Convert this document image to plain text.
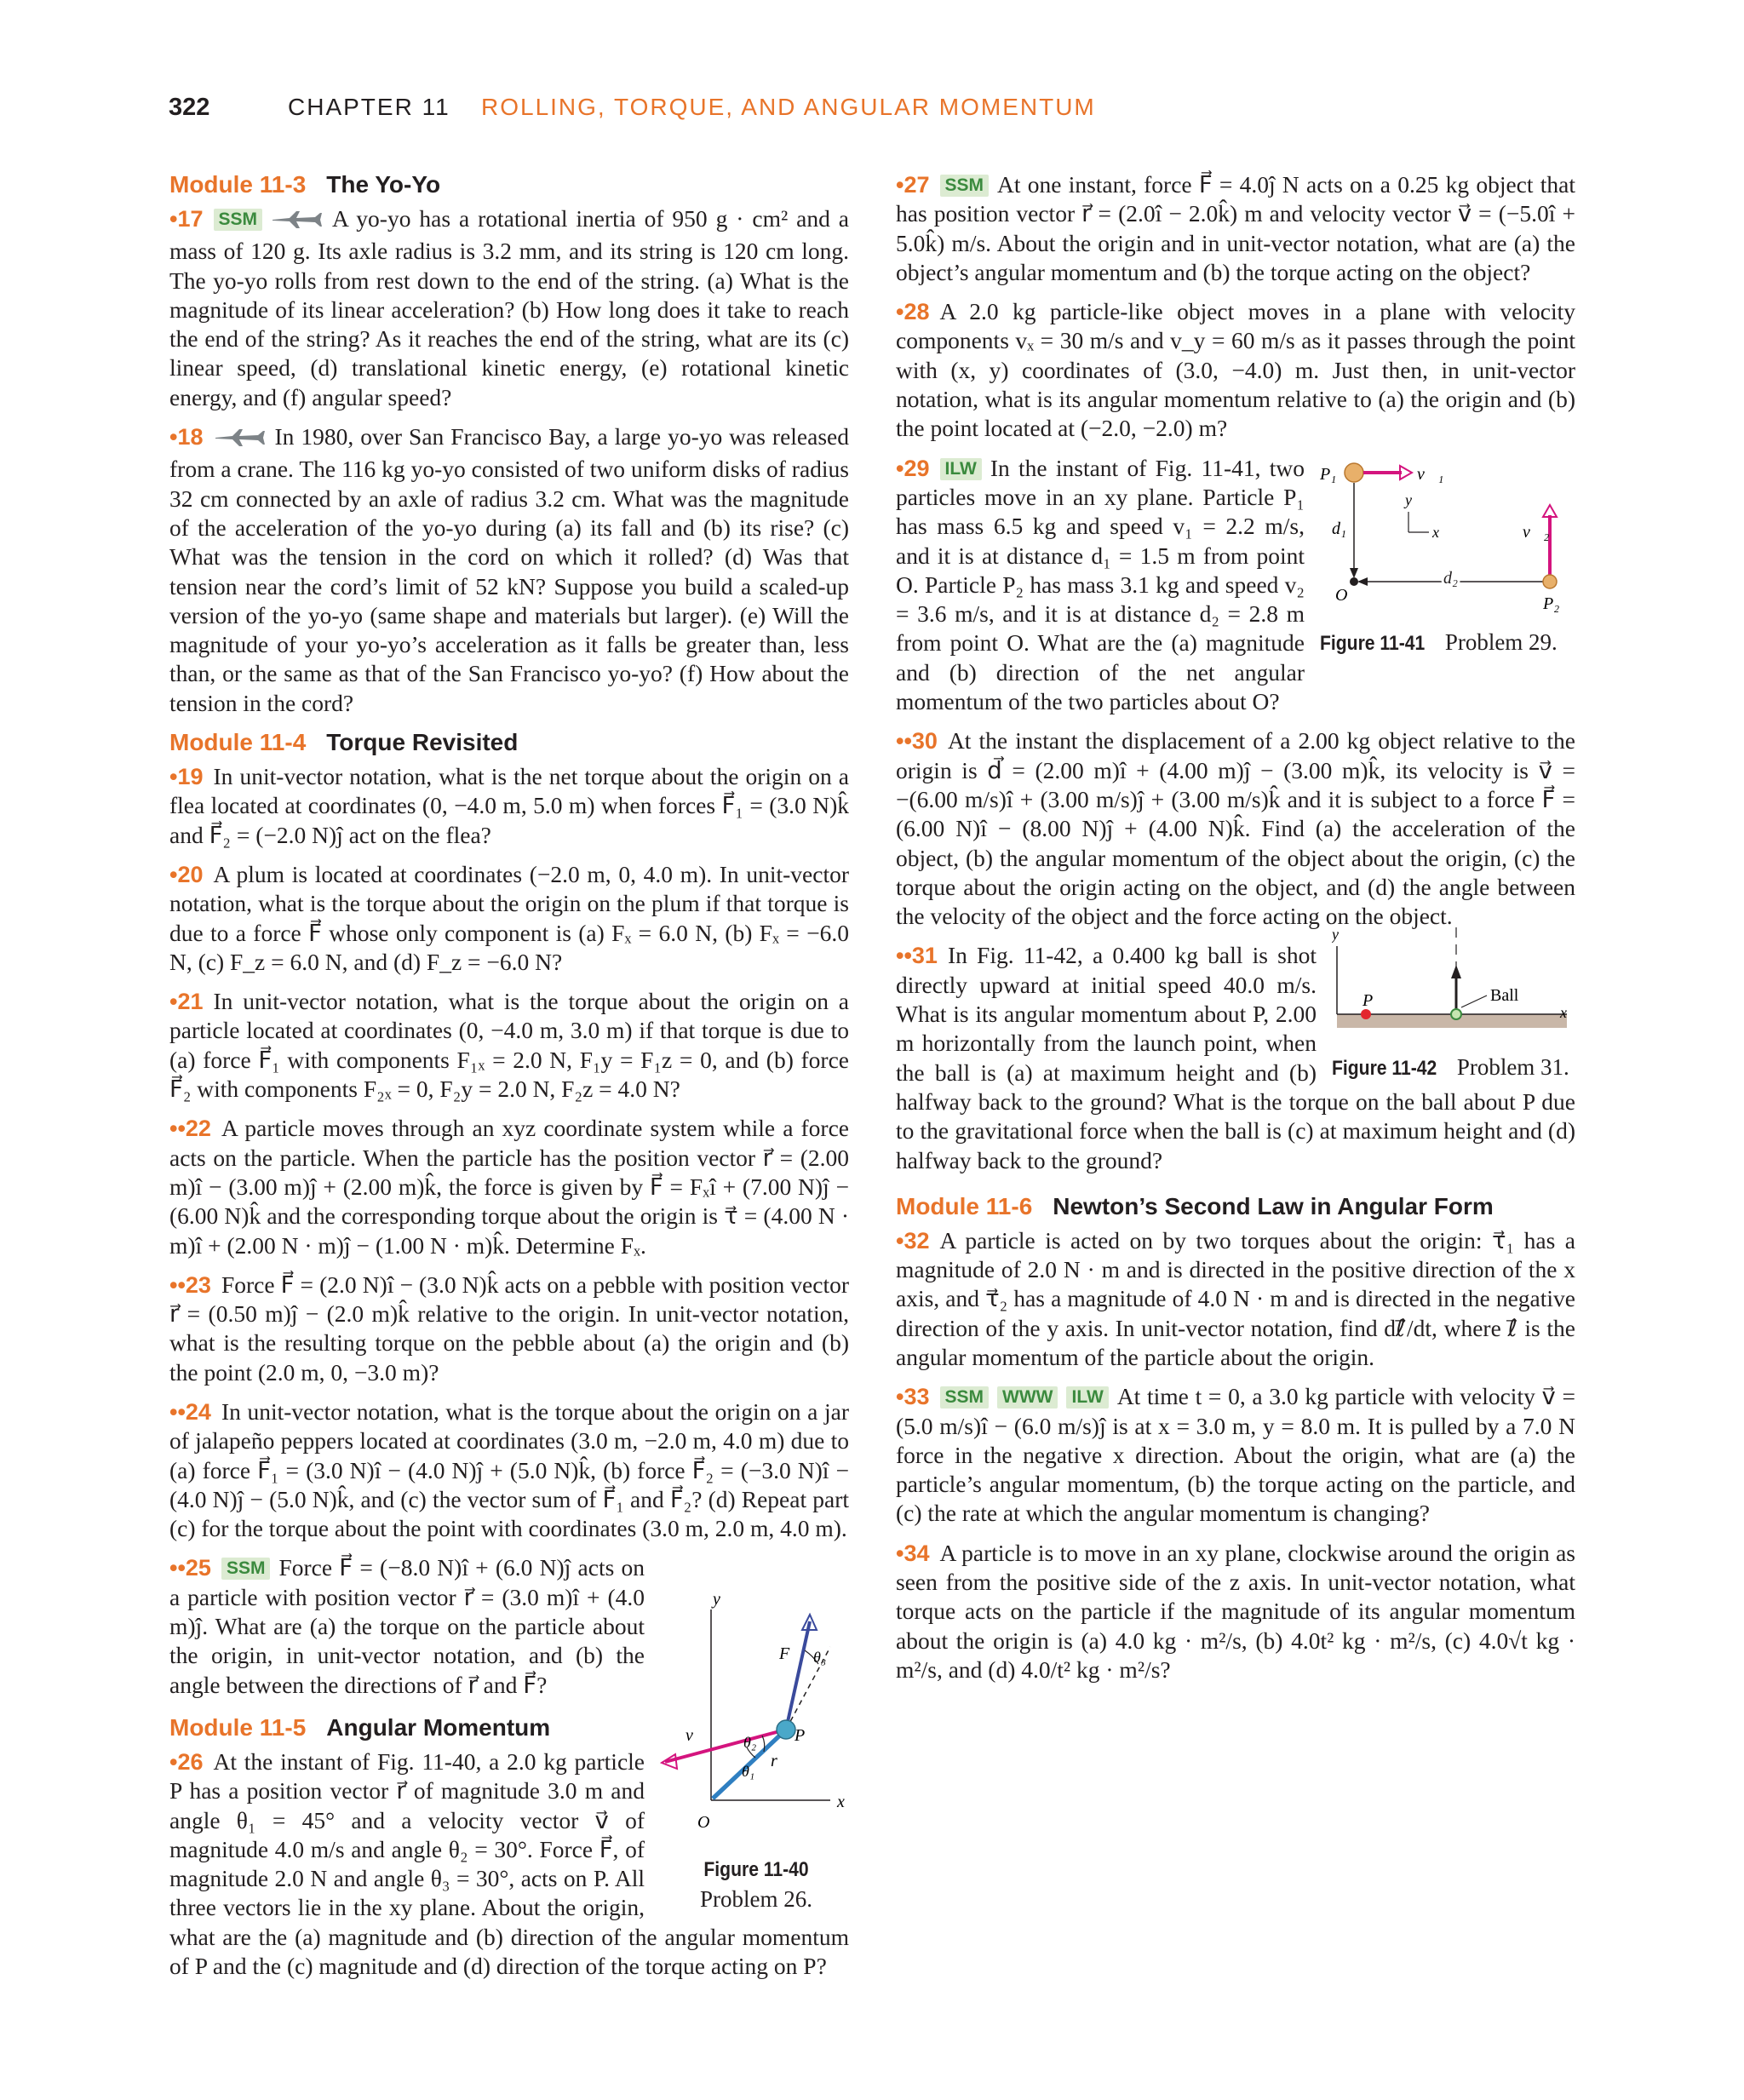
322	CHAPTER 11 ROLLING, TORQUE, AND ANGULAR MOMENTUM
Module 11-3 The Yo-Yo
•17 SSM	A yo-yo has a rotational inertia of 950 g · cm² and a mass of 120 g. Its axle radius is 3.2 mm, and its string is 120 cm long. The yo-yo rolls from rest down to the end of the string. (a) What is the magnitude of its linear acceleration? (b) How long does it take to reach the end of the string? As it reaches the end of the string, what are its (c) linear speed, (d) translational kinetic energy, (e) rotational kinetic energy, and (f) angular speed?
•18	In 1980, over San Francisco Bay, a large yo-yo was released from a crane. The 116 kg yo-yo consisted of two uniform disks of radius 32 cm connected by an axle of radius 3.2 cm. What was the magnitude of the acceleration of the yo-yo during (a) its fall and (b) its rise? (c) What was the tension in the cord on which it rolled? (d) Was that tension near the cord’s limit of 52 kN? Suppose you build a scaled-up version of the yo-yo (same shape and materials but larger). (e) Will the magnitude of your yo-yo’s acceleration as it falls be greater than, less than, or the same as that of the San Francisco yo-yo? (f) How about the tension in the cord?
Module 11-4 Torque Revisited
•19 In unit-vector notation, what is the net torque about the origin on a flea located at coordinates (0, −4.0 m, 5.0 m) when forces F⃗₁ = (3.0 N)k̂ and F⃗₂ = (−2.0 N)ĵ act on the flea?
•20 A plum is located at coordinates (−2.0 m, 0, 4.0 m). In unit-vector notation, what is the torque about the origin on the plum if that torque is due to a force F⃗ whose only component is (a) Fₓ = 6.0 N, (b) Fₓ = −6.0 N, (c) F_z = 6.0 N, and (d) F_z = −6.0 N?
•21 In unit-vector notation, what is the torque about the origin on a particle located at coordinates (0, −4.0 m, 3.0 m) if that torque is due to (a) force F⃗₁ with components F₁ₓ = 2.0 N, F₁y = F₁z = 0, and (b) force F⃗₂ with components F₂ₓ = 0, F₂y = 2.0 N, F₂z = 4.0 N?
••22 A particle moves through an xyz coordinate system while a force acts on the particle. When the particle has the position vector r⃗ = (2.00 m)î − (3.00 m)ĵ + (2.00 m)k̂, the force is given by F⃗ = Fₓî + (7.00 N)ĵ − (6.00 N)k̂ and the corresponding torque about the origin is τ⃗ = (4.00 N · m)î + (2.00 N · m)ĵ − (1.00 N · m)k̂. Determine Fₓ.
••23 Force F⃗ = (2.0 N)î − (3.0 N)k̂ acts on a pebble with position vector r⃗ = (0.50 m)ĵ − (2.0 m)k̂ relative to the origin. In unit-vector notation, what is the resulting torque on the pebble about (a) the origin and (b) the point (2.0 m, 0, −3.0 m)?
••24 In unit-vector notation, what is the torque about the origin on a jar of jalapeño peppers located at coordinates (3.0 m, −2.0 m, 4.0 m) due to (a) force F⃗₁ = (3.0 N)î − (4.0 N)ĵ + (5.0 N)k̂, (b) force F⃗₂ = (−3.0 N)î − (4.0 N)ĵ − (5.0 N)k̂, and (c) the vector sum of F⃗₁ and F⃗₂? (d) Repeat part (c) for the torque about the point with coordinates (3.0 m, 2.0 m, 4.0 m).
y
x
O
P
F⃗
v⃗
r⃗
θ₁
θ₂
θ₃
Figure 11-40
Problem 26.
••25 SSM Force F⃗ = (−8.0 N)î + (6.0 N)ĵ acts on a particle with position vector r⃗ = (3.0 m)î + (4.0 m)ĵ. What are (a) the torque on the particle about the origin, in unit-vector notation, and (b) the angle between the directions of r⃗ and F⃗?
Module 11-5 Angular Momentum
•26 At the instant of Fig. 11-40, a 2.0 kg particle P has a position vector r⃗ of magnitude 3.0 m and angle θ₁ = 45° and a velocity vector v⃗ of magnitude 4.0 m/s and angle θ₂ = 30°. Force F⃗, of magnitude 2.0 N and angle θ₃ = 30°, acts on P. All three vectors lie in the xy plane. About the origin, what are the (a) magnitude and (b) direction of the angular momentum of P and the (c) magnitude and (d) direction of the torque acting on P?
•27 SSM At one instant, force F⃗ = 4.0ĵ N acts on a 0.25 kg object that has position vector r⃗ = (2.0î − 2.0k̂) m and velocity vector v⃗ = (−5.0î + 5.0k̂) m/s. About the origin and in unit-vector notation, what are (a) the object’s angular momentum and (b) the torque acting on the object?
•28 A 2.0 kg particle-like object moves in a plane with velocity components vₓ = 30 m/s and v_y = 60 m/s as it passes through the point with (x, y) coordinates of (3.0, −4.0) m. Just then, in unit-vector notation, what is its angular momentum relative to (a) the origin and (b) the point located at (−2.0, −2.0) m?
P₁	v⃗₁
d₁
y
x
O
d₂
v⃗₂
P₂
Figure 11-41 Problem 29.
•29 ILW In the instant of Fig. 11-41, two particles move in an xy plane. Particle P₁ has mass 6.5 kg and speed v₁ = 2.2 m/s, and it is at distance d₁ = 1.5 m from point O. Particle P₂ has mass 3.1 kg and speed v₂ = 3.6 m/s, and it is at distance d₂ = 2.8 m from point O. What are the (a) magnitude and (b) direction of the net angular momentum of the two particles about O?
••30 At the instant the displacement of a 2.00 kg object relative to the origin is d⃗ = (2.00 m)î + (4.00 m)ĵ − (3.00 m)k̂, its velocity is v⃗ = −(6.00 m/s)î + (3.00 m/s)ĵ + (3.00 m/s)k̂ and it is subject to a force F⃗ = (6.00 N)î − (8.00 N)ĵ + (4.00 N)k̂. Find (a) the acceleration of the object, (b) the angular momentum of the object about the origin, (c) the torque about the origin acting on the object, and (d) the angle between the velocity of the object and the force acting on the object.
y
x
P	Ball
Figure 11-42 Problem 31.
••31 In Fig. 11-42, a 0.400 kg ball is shot directly upward at initial speed 40.0 m/s. What is its angular momentum about P, 2.00 m horizontally from the launch point, when the ball is (a) at maximum height and (b) halfway back to the ground? What is the torque on the ball about P due to the gravitational force when the ball is (c) at maximum height and (d) halfway back to the ground?
Module 11-6 Newton’s Second Law in Angular Form
•32 A particle is acted on by two torques about the origin: τ⃗₁ has a magnitude of 2.0 N · m and is directed in the positive direction of the x axis, and τ⃗₂ has a magnitude of 4.0 N · m and is directed in the negative direction of the y axis. In unit-vector notation, find dℓ⃗/dt, where ℓ⃗ is the angular momentum of the particle about the origin.
•33 SSM WWW ILW At time t = 0, a 3.0 kg particle with velocity v⃗ = (5.0 m/s)î − (6.0 m/s)ĵ is at x = 3.0 m, y = 8.0 m. It is pulled by a 7.0 N force in the negative x direction. About the origin, what are (a) the particle’s angular momentum, (b) the torque acting on the particle, and (c) the rate at which the angular momentum is changing?
•34 A particle is to move in an xy plane, clockwise around the origin as seen from the positive side of the z axis. In unit-vector notation, what torque acts on the particle if the magnitude of its angular momentum about the origin is (a) 4.0 kg · m²/s, (b) 4.0t² kg · m²/s, (c) 4.0√t kg · m²/s, and (d) 4.0/t² kg · m²/s?
